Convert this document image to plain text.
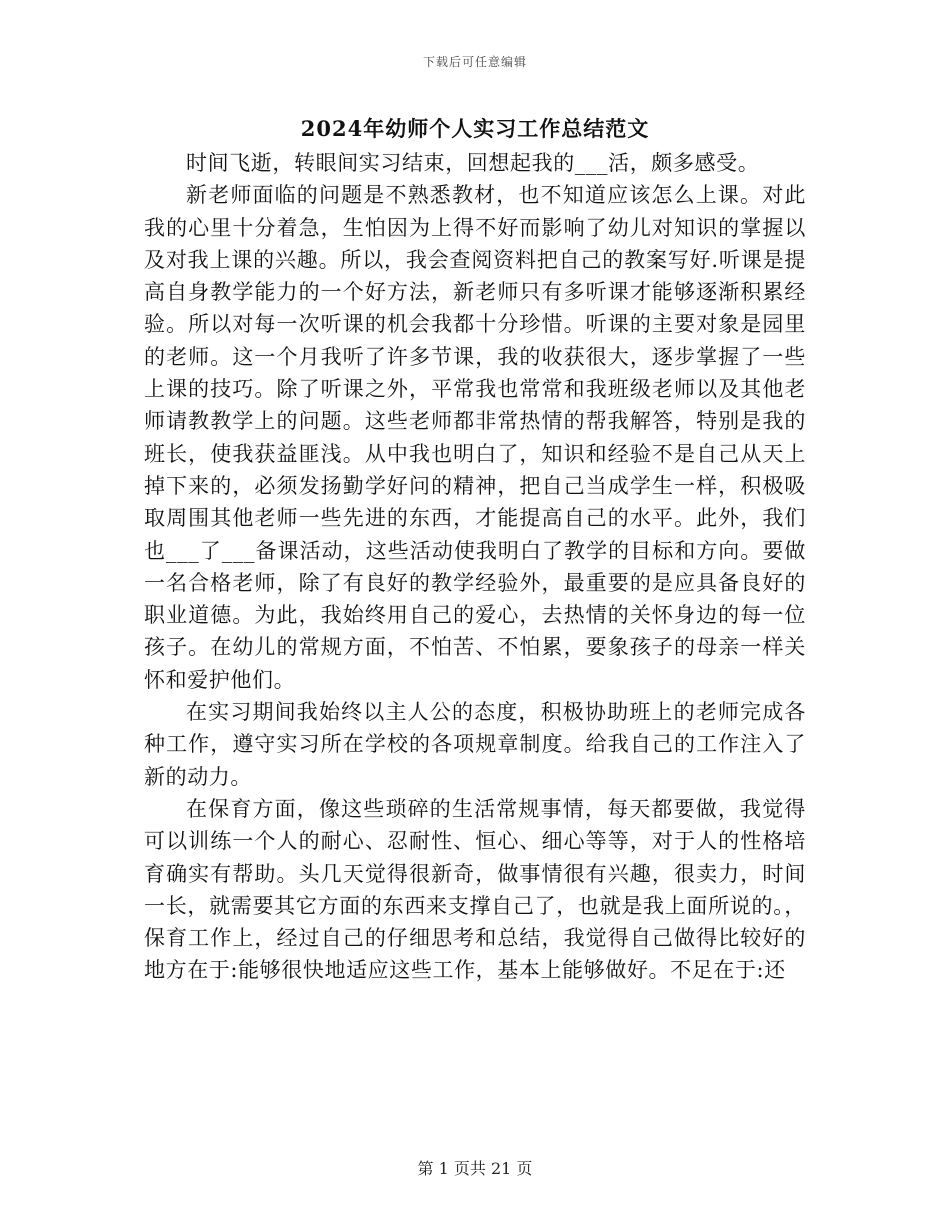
下载后可任意编辑
2024年幼师个人实习工作总结范文

时间飞逝，转眼间实习结束，回想起我的___活，颇多感受。

新老师面临的问题是不熟悉教材，也不知道应该怎么上课。对此我的心里十分着急，生怕因为上得不好而影响了幼儿对知识的掌握以及对我上课的兴趣。所以，我会查阅资料把自己的教案写好.听课是提高自身教学能力的一个好方法，新老师只有多听课才能够逐渐积累经验。所以对每一次听课的机会我都十分珍惜。听课的主要对象是园里的老师。这一个月我听了许多节课，我的收获很大，逐步掌握了一些上课的技巧。除了听课之外，平常我也常常和我班级老师以及其他老师请教教学上的问题。这些老师都非常热情的帮我解答，特别是我的班长，使我获益匪浅。从中我也明白了，知识和经验不是自己从天上掉下来的，必须发扬勤学好问的精神，把自己当成学生一样，积极吸取周围其他老师一些先进的东西，才能提高自己的水平。此外，我们也___了___备课活动，这些活动使我明白了教学的目标和方向。要做一名合格老师，除了有良好的教学经验外，最重要的是应具备良好的职业道德。为此，我始终用自己的爱心，去热情的关怀身边的每一位孩子。在幼儿的常规方面，不怕苦、不怕累，要象孩子的母亲一样关怀和爱护他们。

在实习期间我始终以主人公的态度，积极协助班上的老师完成各种工作，遵守实习所在学校的各项规章制度。给我自己的工作注入了新的动力。

在保育方面，像这些琐碎的生活常规事情，每天都要做，我觉得可以训练一个人的耐心、忍耐性、恒心、细心等等，对于人的性格培育确实有帮助。头几天觉得很新奇，做事情很有兴趣，很卖力，时间一长，就需要其它方面的东西来支撑自己了，也就是我上面所说的。，保育工作上，经过自己的仔细思考和总结，我觉得自己做得比较好的地方在于:能够很快地适应这些工作，基本上能够做好。不足在于:还

第 1 页共 21 页
